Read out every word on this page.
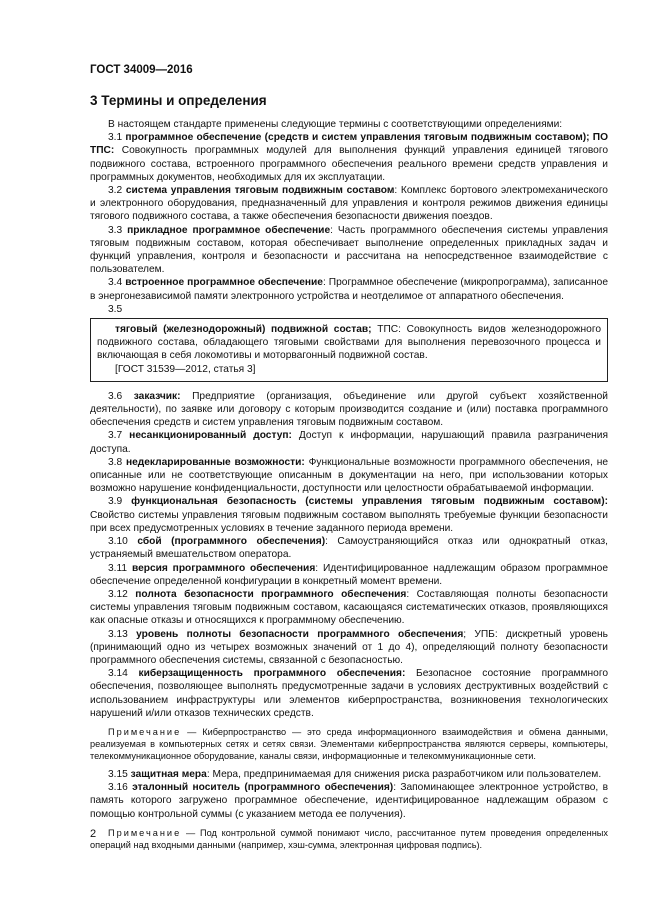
ГОСТ 34009—2016
3 Термины и определения

В настоящем стандарте применены следующие термины с соответствующими определениями:

3.1 программное обеспечение (средств и систем управления тяговым подвижным составом); ПО ТПС: Совокупность программных модулей для выполнения функций управления единицей тягового подвижного состава, встроенного программного обеспечения реального времени средств управления и программных документов, необходимых для их эксплуатации.

3.2 система управления тяговым подвижным составом: Комплекс бортового электромеханического и электронного оборудования, предназначенный для управления и контроля режимов движения единицы тягового подвижного состава, а также обеспечения безопасности движения поездов.

3.3 прикладное программное обеспечение: Часть программного обеспечения системы управления тяговым подвижным составом, которая обеспечивает выполнение определенных прикладных задач и функций управления, контроля и безопасности и рассчитана на непосредственное взаимодействие с пользователем.

3.4 встроенное программное обеспечение: Программное обеспечение (микропрограмма), записанное в энергонезависимой памяти электронного устройства и неотделимое от аппаратного обеспечения.

3.5

тяговый (железнодорожный) подвижной состав; ТПС: Совокупность видов железнодорожного подвижного состава, обладающего тяговыми свойствами для выполнения перевозочного процесса и включающая в себя локомотивы и моторвагонный подвижной состав.

[ГОСТ 31539—2012, статья 3]

3.6 заказчик: Предприятие (организация, объединение или другой субъект хозяйственной деятельности), по заявке или договору с которым производится создание и (или) поставка программного обеспечения средств и систем управления тяговым подвижным составом.

3.7 несанкционированный доступ: Доступ к информации, нарушающий правила разграничения доступа.

3.8 недекларированные возможности: Функциональные возможности программного обеспечения, не описанные или не соответствующие описанным в документации на него, при использовании которых возможно нарушение конфиденциальности, доступности или целостности обрабатываемой информации.

3.9 функциональная безопасность (системы управления тяговым подвижным составом): Свойство системы управления тяговым подвижным составом выполнять требуемые функции безопасности при всех предусмотренных условиях в течение заданного периода времени.

3.10 сбой (программного обеспечения): Самоустраняющийся отказ или однократный отказ, устраняемый вмешательством оператора.

3.11 версия программного обеспечения: Идентифицированное надлежащим образом программное обеспечение определенной конфигурации в конкретный момент времени.

3.12 полнота безопасности программного обеспечения: Составляющая полноты безопасности системы управления тяговым подвижным составом, касающаяся систематических отказов, проявляющихся как опасные отказы и относящихся к программному обеспечению.

3.13 уровень полноты безопасности программного обеспечения; УПБ: дискретный уровень (принимающий одно из четырех возможных значений от 1 до 4), определяющий полноту безопасности программного обеспечения системы, связанной с безопасностью.

3.14 киберзащищенность программного обеспечения: Безопасное состояние программного обеспечения, позволяющее выполнять предусмотренные задачи в условиях деструктивных воздействий с использованием инфраструктуры или элементов киберпространства, возникновения технологических нарушений и/или отказов технических средств.

Примечание — Киберпространство — это среда информационного взаимодействия и обмена данными, реализуемая в компьютерных сетях и сетях связи. Элементами киберпространства являются серверы, компьютеры, телекоммуникационное оборудование, каналы связи, информационные и телекоммуникационные сети.

3.15 защитная мера: Мера, предпринимаемая для снижения риска разработчиком или пользователем.

3.16 эталонный носитель (программного обеспечения): Запоминающее электронное устройство, в память которого загружено программное обеспечение, идентифицированное надлежащим образом с помощью контрольной суммы (с указанием метода ее получения).

Примечание — Под контрольной суммой понимают число, рассчитанное путем проведения определенных операций над входными данными (например, хэш-сумма, электронная цифровая подпись).

2
